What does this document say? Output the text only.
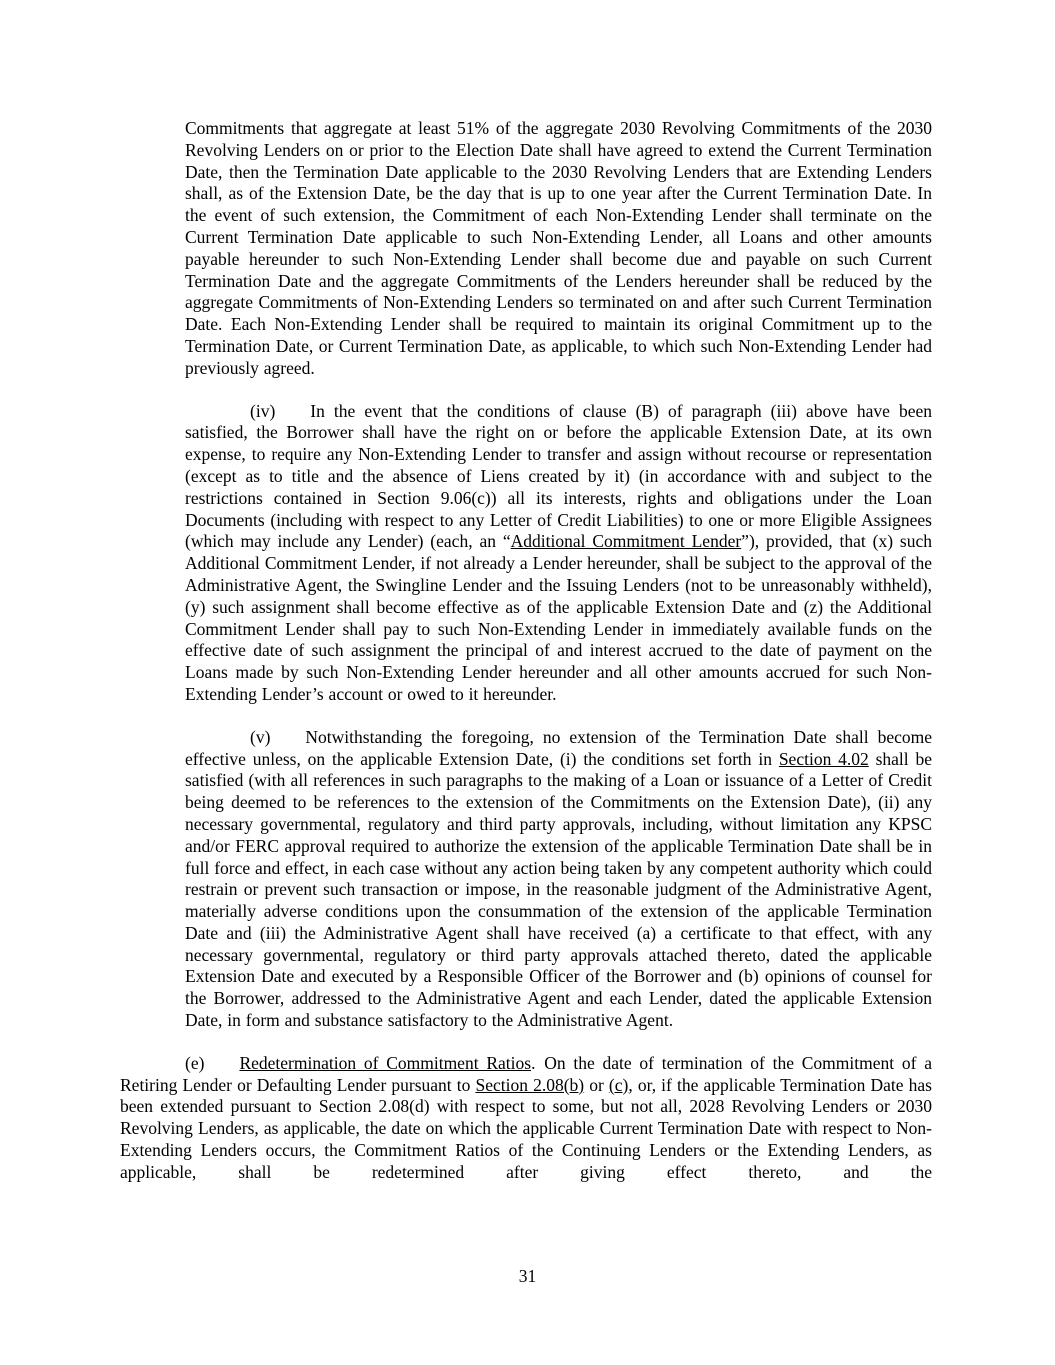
Commitments that aggregate at least 51% of the aggregate 2030 Revolving Commitments of the 2030 Revolving Lenders on or prior to the Election Date shall have agreed to extend the Current Termination Date, then the Termination Date applicable to the 2030 Revolving Lenders that are Extending Lenders shall, as of the Extension Date, be the day that is up to one year after the Current Termination Date. In the event of such extension, the Commitment of each Non-Extending Lender shall terminate on the Current Termination Date applicable to such Non-Extending Lender, all Loans and other amounts payable hereunder to such Non-Extending Lender shall become due and payable on such Current Termination Date and the aggregate Commitments of the Lenders hereunder shall be reduced by the aggregate Commitments of Non-Extending Lenders so terminated on and after such Current Termination Date. Each Non-Extending Lender shall be required to maintain its original Commitment up to the Termination Date, or Current Termination Date, as applicable, to which such Non-Extending Lender had previously agreed.

(iv)  In the event that the conditions of clause (B) of paragraph (iii) above have been satisfied, the Borrower shall have the right on or before the applicable Extension Date, at its own expense, to require any Non-Extending Lender to transfer and assign without recourse or representation (except as to title and the absence of Liens created by it) (in accordance with and subject to the restrictions contained in Section 9.06(c)) all its interests, rights and obligations under the Loan Documents (including with respect to any Letter of Credit Liabilities) to one or more Eligible Assignees (which may include any Lender) (each, an “Additional Commitment Lender”), provided, that (x) such Additional Commitment Lender, if not already a Lender hereunder, shall be subject to the approval of the Administrative Agent, the Swingline Lender and the Issuing Lenders (not to be unreasonably withheld), (y) such assignment shall become effective as of the applicable Extension Date and (z) the Additional Commitment Lender shall pay to such Non-Extending Lender in immediately available funds on the effective date of such assignment the principal of and interest accrued to the date of payment on the Loans made by such Non-Extending Lender hereunder and all other amounts accrued for such Non-Extending Lender’s account or owed to it hereunder.

(v)  Notwithstanding the foregoing, no extension of the Termination Date shall become effective unless, on the applicable Extension Date, (i) the conditions set forth in Section 4.02 shall be satisfied (with all references in such paragraphs to the making of a Loan or issuance of a Letter of Credit being deemed to be references to the extension of the Commitments on the Extension Date), (ii) any necessary governmental, regulatory and third party approvals, including, without limitation any KPSC and/or FERC approval required to authorize the extension of the applicable Termination Date shall be in full force and effect, in each case without any action being taken by any competent authority which could restrain or prevent such transaction or impose, in the reasonable judgment of the Administrative Agent, materially adverse conditions upon the consummation of the extension of the applicable Termination Date and (iii) the Administrative Agent shall have received (a) a certificate to that effect, with any necessary governmental, regulatory or third party approvals attached thereto, dated the applicable Extension Date and executed by a Responsible Officer of the Borrower and (b) opinions of counsel for the Borrower, addressed to the Administrative Agent and each Lender, dated the applicable Extension Date, in form and substance satisfactory to the Administrative Agent.

(e)  Redetermination of Commitment Ratios. On the date of termination of the Commitment of a Retiring Lender or Defaulting Lender pursuant to Section 2.08(b) or (c), or, if the applicable Termination Date has been extended pursuant to Section 2.08(d) with respect to some, but not all, 2028 Revolving Lenders or 2030 Revolving Lenders, as applicable, the date on which the applicable Current Termination Date with respect to Non-Extending Lenders occurs, the Commitment Ratios of the Continuing Lenders or the Extending Lenders, as applicable, shall be redetermined after giving effect thereto, and the

31
